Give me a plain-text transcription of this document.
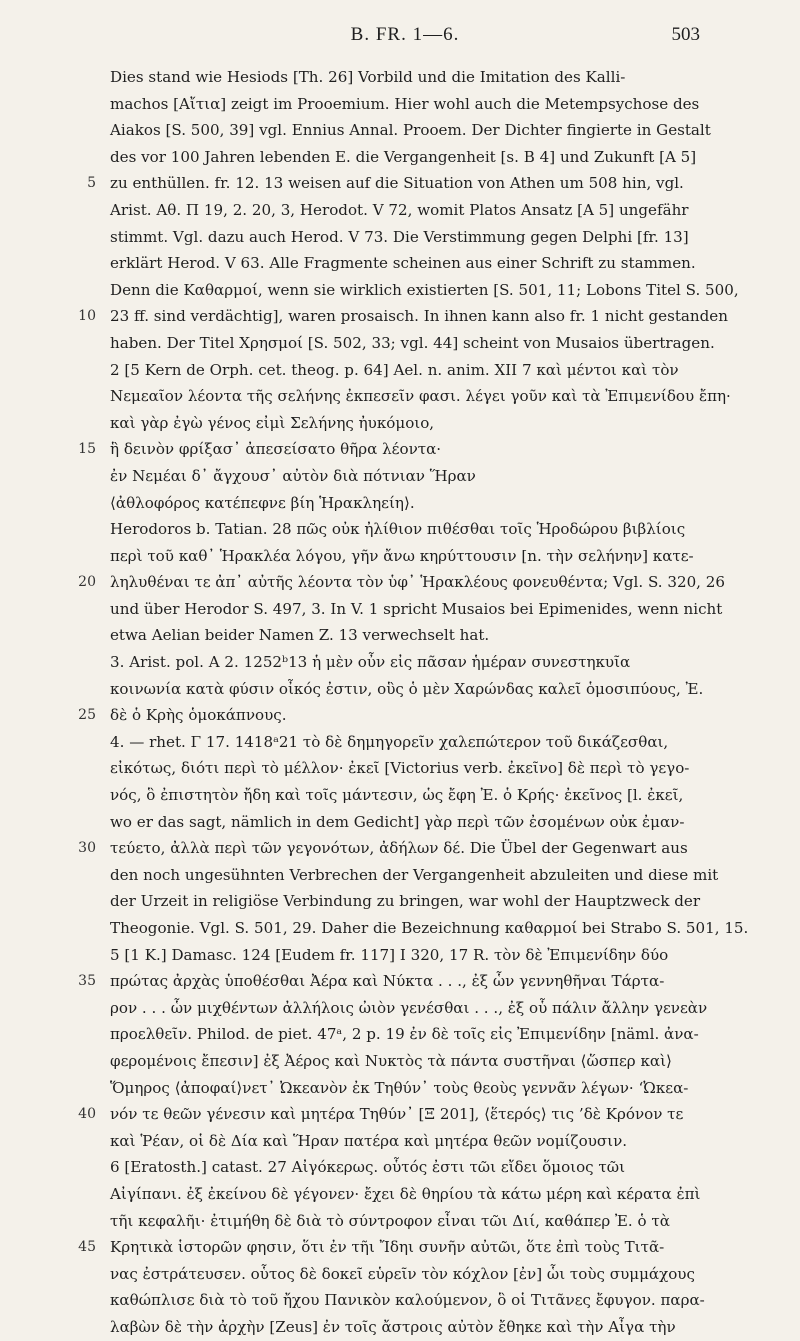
B. FR. 1—6.	503
Dies stand wie Hesiods [Th. 26] Vorbild und die Imitation des Kalli-
machos [Αἴτια] zeigt im Prooemium. Hier wohl auch die Metempsychose des
Aiakos [S. 500, 39] vgl. Ennius Annal. Prooem. Der Dichter fingierte in Gestalt
des vor 100 Jahren lebenden E. die Vergangenheit [s. B 4] und Zukunft [A 5]
5 zu enthüllen. fr. 12. 13 weisen auf die Situation von Athen um 508 hin, vgl.
Arist. Αθ. Π 19, 2. 20, 3, Herodot. V 72, womit Platos Ansatz [A 5] ungefähr
stimmt. Vgl. dazu auch Herod. V 73. Die Verstimmung gegen Delphi [fr. 13]
erklärt Herod. V 63. Alle Fragmente scheinen aus einer Schrift zu stammen.
Denn die Καθαρμοί, wenn sie wirklich existierten [S. 501, 11; Lobons Titel S. 500,
10 23 ff. sind verdächtig], waren prosaisch. In ihnen kann also fr. 1 nicht gestanden
haben. Der Titel Χρησμοί [S. 502, 33; vgl. 44] scheint von Musaios übertragen.
2 [5 Kern de Orph. cet. theog. p. 64] Ael. n. anim. XII 7 καὶ μέντοι καὶ τὸν
Νεμεαῖον λέοντα τῆς σελήνης ἐκπεσεῖν φασι. λέγει γοῦν καὶ τὰ Ἐπιμενίδου ἔπη·
καὶ γὰρ ἐγὼ γένος εἰμὶ Σελήνης ἠυκόμοιο,
15 ἣ δεινὸν φρίξασ᾽ ἀπεσείσατο θῆρα λέοντα·
ἐν Νεμέαι δ᾽ ἄγχουσ᾽ αὐτὸν διὰ πότνιαν Ἥραν
⟨ἀθλοφόρος κατέπεφνε βίη Ἡρακληείη⟩.
Herodoros b. Tatian. 28 πῶς οὐκ ἠλίθιον πιθέσθαι τοῖς Ἡροδώρου βιβλίοις
περὶ τοῦ καθ᾽ Ἡρακλέα λόγου, γῆν ἄνω κηρύττουσιν [n. τὴν σελήνην] κατε-
20 ληλυθέναι τε ἀπ᾽ αὐτῆς λέοντα τὸν ὑφ᾽ Ἡρακλέους φονευθέντα; Vgl. S. 320, 26
und über Herodor S. 497, 3. In V. 1 spricht Musaios bei Epimenides, wenn nicht
etwa Aelian beider Namen Z. 13 verwechselt hat.
3. Arist. pol. A 2. 1252ᵇ13 ἡ μὲν οὖν εἰς πᾶσαν ἡμέραν συνεστηκυῖα
κοινωνία κατὰ φύσιν οἶκός ἐστιν, οὓς ὁ μὲν Χαρώνδας καλεῖ ὁμοσιπύους, Ἐ.
25 δὲ ὁ Κρὴς ὁμοκάπνους.
4. — rhet. Γ 17. 1418ᵃ21 τὸ δὲ δημηγορεῖν χαλεπώτερον τοῦ δικάζεσθαι,
εἰκότως, διότι περὶ τὸ μέλλον· ἐκεῖ [Victorius verb. ἐκεῖνο] δὲ περὶ τὸ γεγο-
νός, ὃ ἐπιστητὸν ἤδη καὶ τοῖς μάντεσιν, ὡς ἔφη Ἐ. ὁ Κρής· ἐκεῖνος [l. ἐκεῖ,
wo er das sagt, nämlich in dem Gedicht] γὰρ περὶ τῶν ἐσομένων οὐκ ἐμαν-
30 τεύετο, ἀλλὰ περὶ τῶν γεγονότων, ἀδήλων δέ. Die Übel der Gegenwart aus
den noch ungesühnten Verbrechen der Vergangenheit abzuleiten und diese mit
der Urzeit in religiöse Verbindung zu bringen, war wohl der Hauptzweck der
Theogonie. Vgl. S. 501, 29. Daher die Bezeichnung καθαρμοί bei Strabo S. 501, 15.
5 [1 K.] Damasc. 124 [Eudem fr. 117] I 320, 17 R. τὸν δὲ Ἐπιμενίδην δύο
35 πρώτας ἀρχὰς ὑποθέσθαι Ἀέρα καὶ Νύκτα . . ., ἐξ ὧν γεννηθῆναι Τάρτα-
ρον . . . ὧν μιχθέντων ἀλλήλοις ὠιὸν γενέσθαι . . ., ἐξ οὗ πάλιν ἄλλην γενεὰν
προελθεῖν. Philod. de piet. 47ᵃ, 2 p. 19 ἐν δὲ τοῖς εἰς Ἐπιμενίδην [näml. ἀνα-
φερομένοις ἔπεσιν] ἐξ Ἀέρος καὶ Νυκτὸς τὰ πάντα συστῆναι ⟨ὥσπερ καὶ⟩
Ὅμηρος ⟨ἀποφαί⟩νετ᾽ Ὠκεανὸν ἐκ Τηθύν᾽ τοὺς θεοὺς γεννᾶν λέγων· ‘Ὠκεα-
40 νόν τε θεῶν γένεσιν καὶ μητέρα Τηθύν᾽ [Ξ 201], ⟨ἕτερός⟩ τις ’δὲ Κρόνον τε
καὶ Ῥέαν, οἱ δὲ Δία καὶ Ἥραν πατέρα καὶ μητέρα θεῶν νομίζουσιν.
6 [Eratosth.] catast. 27 Αἰγόκερως. οὗτός ἐστι τῶι εἴδει ὅμοιος τῶι
Αἰγίπανι. ἐξ ἐκείνου δὲ γέγονεν· ἔχει δὲ θηρίου τὰ κάτω μέρη καὶ κέρατα ἐπὶ
τῆι κεφαλῆι· ἐτιμήθη δὲ διὰ τὸ σύντροφον εἶναι τῶι Διί, καθάπερ Ἐ. ὁ τὰ
45 Κρητικὰ ἱστορῶν φησιν, ὅτι ἐν τῆι Ἴδηι συνῆν αὐτῶι, ὅτε ἐπὶ τοὺς Τιτᾶ-
νας ἐστράτευσεν. οὗτος δὲ δοκεῖ εὑρεῖν τὸν κόχλον [ἐν] ὧι τοὺς συμμάχους
καθώπλισε διὰ τὸ τοῦ ἤχου Πανικὸν καλούμενον, ὃ οἱ Τιτᾶνες ἔφυγον. παρα-
λαβὼν δὲ τὴν ἀρχὴν [Zeus] ἐν τοῖς ἄστροις αὐτὸν ἔθηκε καὶ τὴν Αἶγα τὴν
